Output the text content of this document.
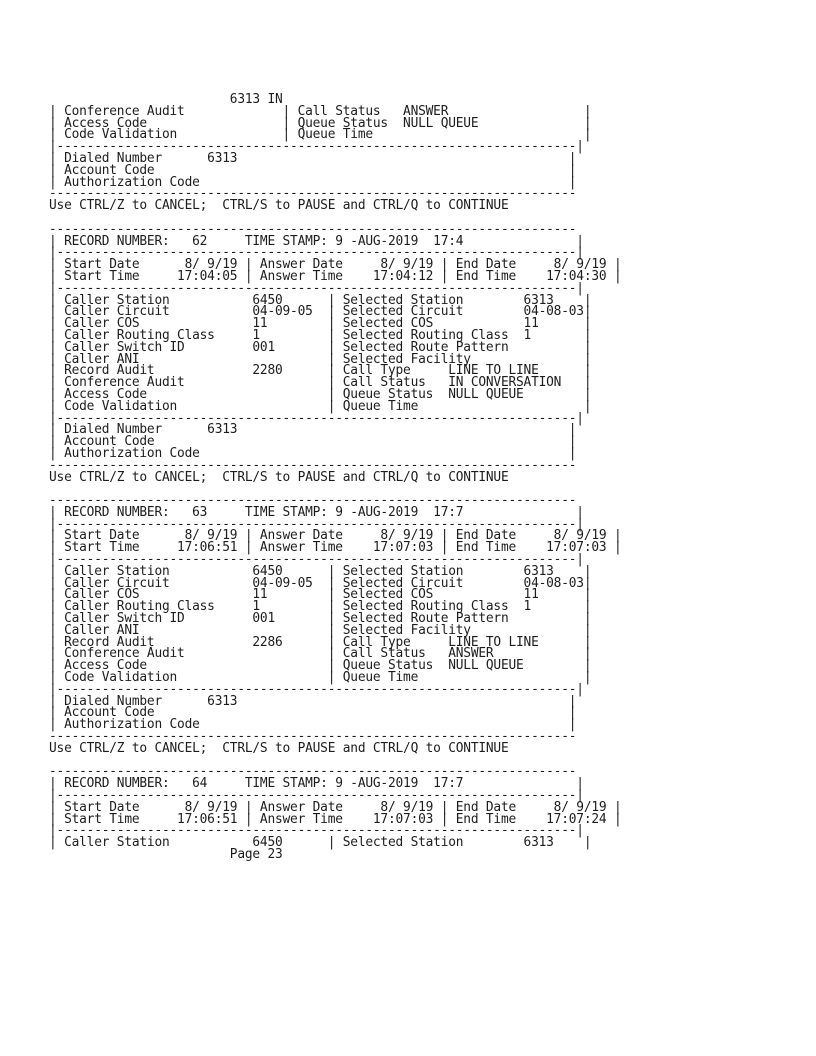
6313 IN
| Conference Audit             | Call Status   ANSWER                  |
| Access Code                  | Queue Status  NULL QUEUE              |
| Code Validation              | Queue Time                            |
|---------------------------------------------------------------------|
| Dialed Number      6313                                            |
| Account Code                                                       |
| Authorization Code                                                 |
----------------------------------------------------------------------
Use CTRL/Z to CANCEL;  CTRL/S to PAUSE and CTRL/Q to CONTINUE
----------------------------------------------------------------------
| RECORD NUMBER:   62     TIME STAMP: 9 -AUG-2019  17:4               |
|---------------------------------------------------------------------|
| Start Date      8/ 9/19 | Answer Date     8/ 9/19 | End Date     8/ 9/19 |
| Start Time     17:04:05 | Answer Time    17:04:12 | End Time    17:04:30 |
|---------------------------------------------------------------------|
| Caller Station           6450      | Selected Station        6313    |
| Caller Circuit           04-09-05  | Selected Circuit        04-08-03|
| Caller COS               11        | Selected COS            11      |
| Caller Routing Class     1         | Selected Routing Class  1       |
| Caller Switch ID         001       | Selected Route Pattern          |
| Caller ANI                         | Selected Facility               |
| Record Audit             2280      | Call Type     LINE TO LINE      |
| Conference Audit                   | Call Status   IN CONVERSATION   |
| Access Code                        | Queue Status  NULL QUEUE        |
| Code Validation                    | Queue Time                      |
|---------------------------------------------------------------------|
| Dialed Number      6313                                            |
| Account Code                                                       |
| Authorization Code                                                 |
----------------------------------------------------------------------
Use CTRL/Z to CANCEL;  CTRL/S to PAUSE and CTRL/Q to CONTINUE
----------------------------------------------------------------------
| RECORD NUMBER:   63     TIME STAMP: 9 -AUG-2019  17:7               |
|---------------------------------------------------------------------|
| Start Date      8/ 9/19 | Answer Date     8/ 9/19 | End Date     8/ 9/19 |
| Start Time     17:06:51 | Answer Time    17:07:03 | End Time    17:07:03 |
|---------------------------------------------------------------------|
| Caller Station           6450      | Selected Station        6313    |
| Caller Circuit           04-09-05  | Selected Circuit        04-08-03|
| Caller COS               11        | Selected COS            11      |
| Caller Routing Class     1         | Selected Routing Class  1       |
| Caller Switch ID         001       | Selected Route Pattern          |
| Caller ANI                         | Selected Facility               |
| Record Audit             2286      | Call Type     LINE TO LINE      |
| Conference Audit                   | Call Status   ANSWER            |
| Access Code                        | Queue Status  NULL QUEUE        |
| Code Validation                    | Queue Time                      |
|---------------------------------------------------------------------|
| Dialed Number      6313                                            |
| Account Code                                                       |
| Authorization Code                                                 |
----------------------------------------------------------------------
Use CTRL/Z to CANCEL;  CTRL/S to PAUSE and CTRL/Q to CONTINUE
----------------------------------------------------------------------
| RECORD NUMBER:   64     TIME STAMP: 9 -AUG-2019  17:7               |
|---------------------------------------------------------------------|
| Start Date      8/ 9/19 | Answer Date     8/ 9/19 | End Date     8/ 9/19 |
| Start Time     17:06:51 | Answer Time    17:07:03 | End Time    17:07:24 |
|---------------------------------------------------------------------|
| Caller Station           6450      | Selected Station        6313    |
Page 23
